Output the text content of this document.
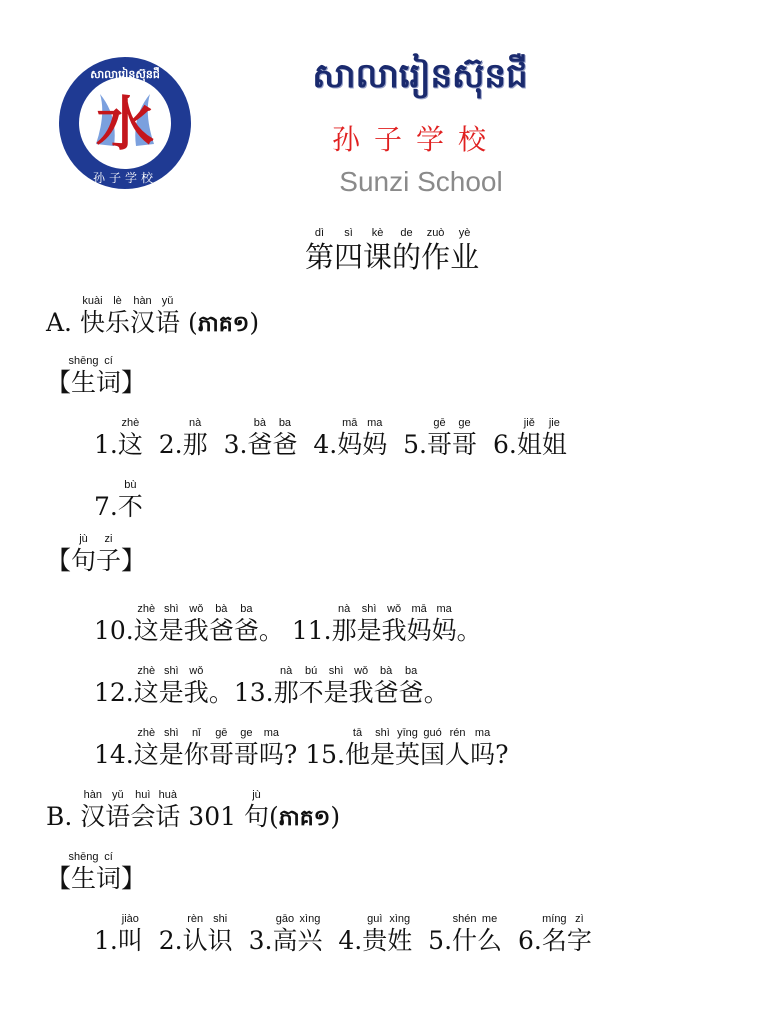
水
សាលារៀនស៊ុនជឺ
孙子学校
សាលារៀនស៊ុនជឺ
孙子学校
Sunzi School
dì
第
sì
四
kè
课
de
的
zuò
作
yè
业
A.
kuài
快
lè
乐
hàn
汉
yǔ
语 (ភាគ១)
【
shēng
生
cí
词】
1.
zhè
这 2.
nà
那 3.
bà
爸
ba
爸 4.
mā
妈
ma
妈 5.
gē
哥
ge
哥 6.
jiě
姐
jie
姐
7.
bù
不
【
jù
句
zi
子】
10.
zhè
这
shì
是
wǒ
我
bà
爸
ba
爸。 11.
nà
那
shì
是
wǒ
我
mā
妈
ma
妈。
12.
zhè
这
shì
是
wǒ
我。13.
nà
那
bú
不
shì
是
wǒ
我
bà
爸
ba
爸。
14.
zhè
这
shì
是
nǐ
你
gē
哥
ge
哥
ma
吗? 15.
tā
他
shì
是
yīng
英
guó
国
rén
人
ma
吗?
B.
hàn
汉
yǔ
语
huì
会
huà
话 301
jù
句(ភាគ១)
【
shēng
生
cí
词】
1.
jiào
叫 2.
rèn
认
shi
识 3.
gāo
高
xìng
兴 4.
guì
贵
xìng
姓 5.
shén
什
me
么 6.
míng
名
zì
字
